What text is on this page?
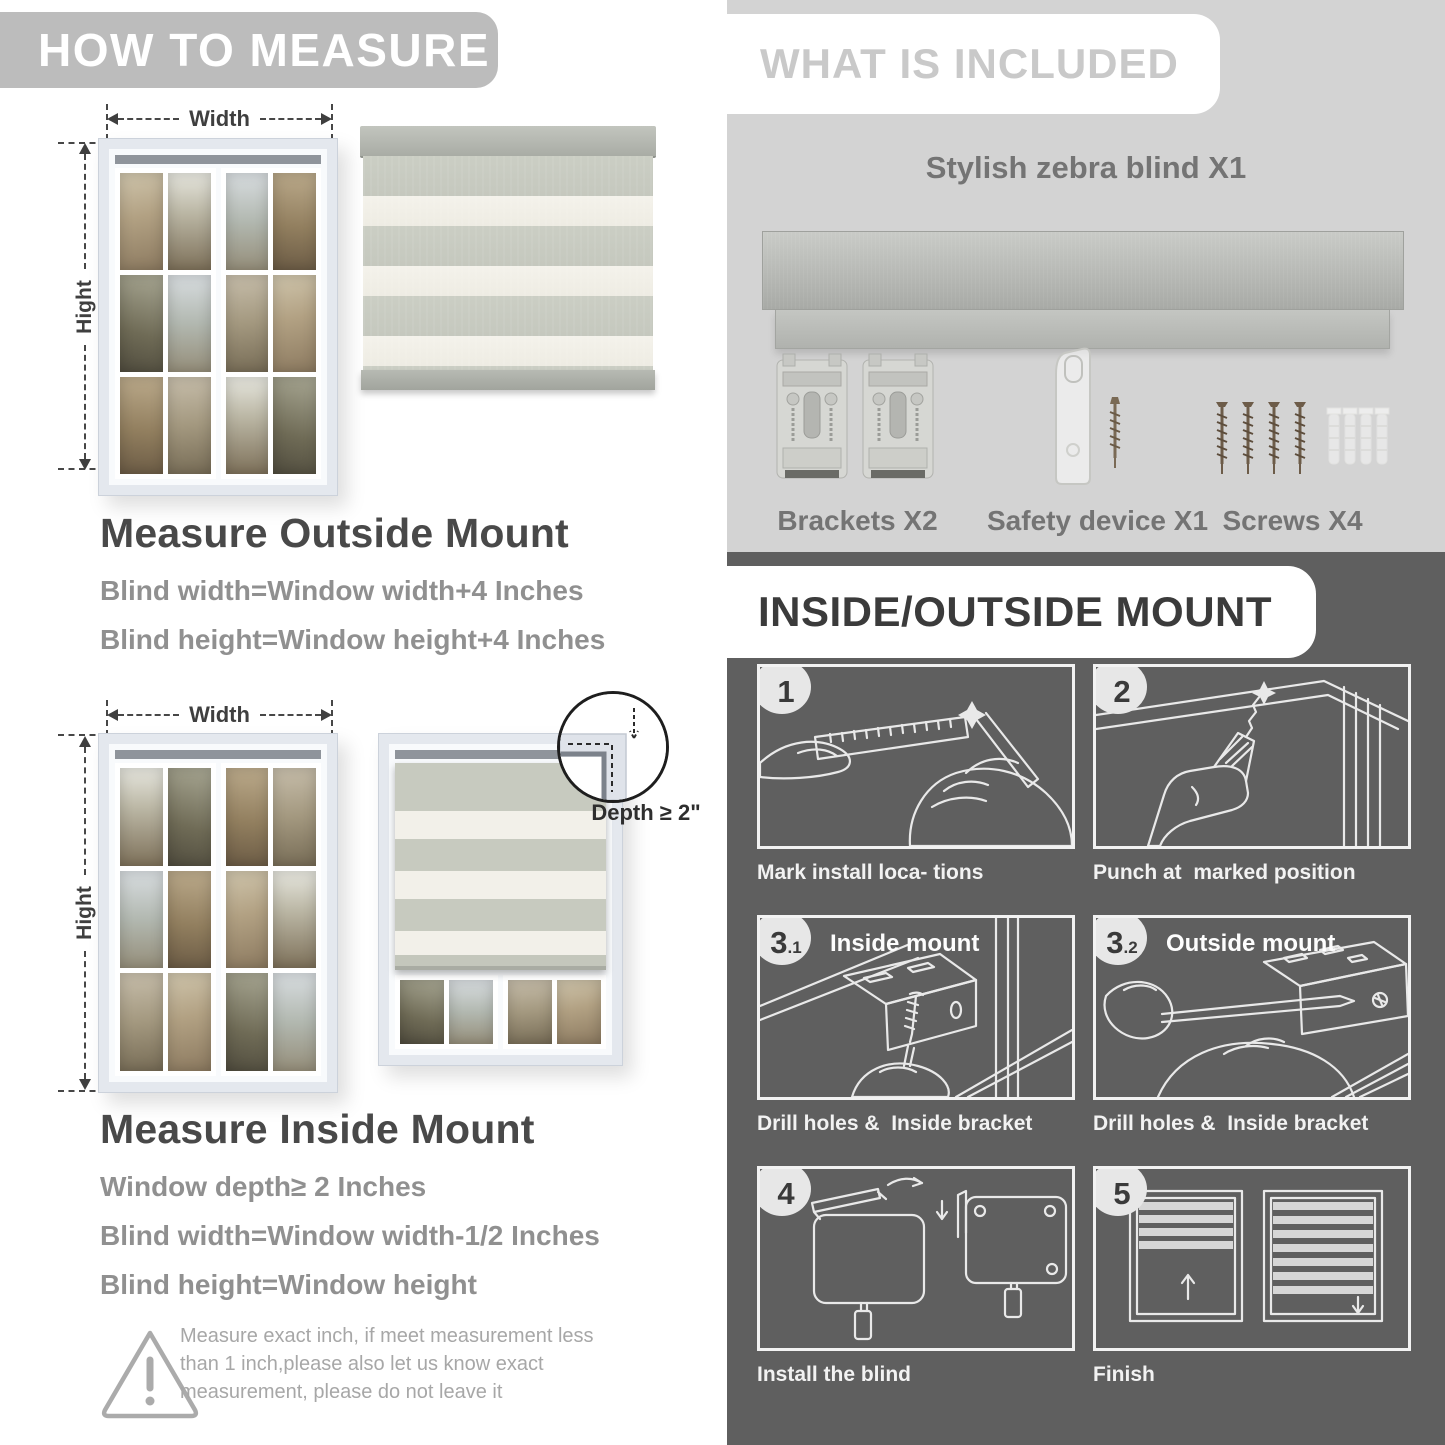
HOW TO MEASURE
Width
Hight
Measure Outside Mount
Blind width=Window width+4 Inches
Blind height=Window height+4 Inches
Width
Hight
Depth ≥ 2"
Measure Inside Mount
Window depth≥ 2 Inches
Blind width=Window width-1/2 Inches
Blind height=Window height
Measure exact inch, if meet measurement less than 1 inch,please also let us know exact measurement, please do not leave it
WHAT IS INCLUDED
Stylish zebra blind X1
Brackets X2 Safety device X1 Screws X4
INSIDE/OUTSIDE MOUNT
1
Mark install loca- tions
2
Punch at  marked position
3 .1 Inside mount
Drill holes &  Inside bracket
3 .2 Outside mount
Drill holes &  Inside bracket
4
Install the blind
5
Finish
